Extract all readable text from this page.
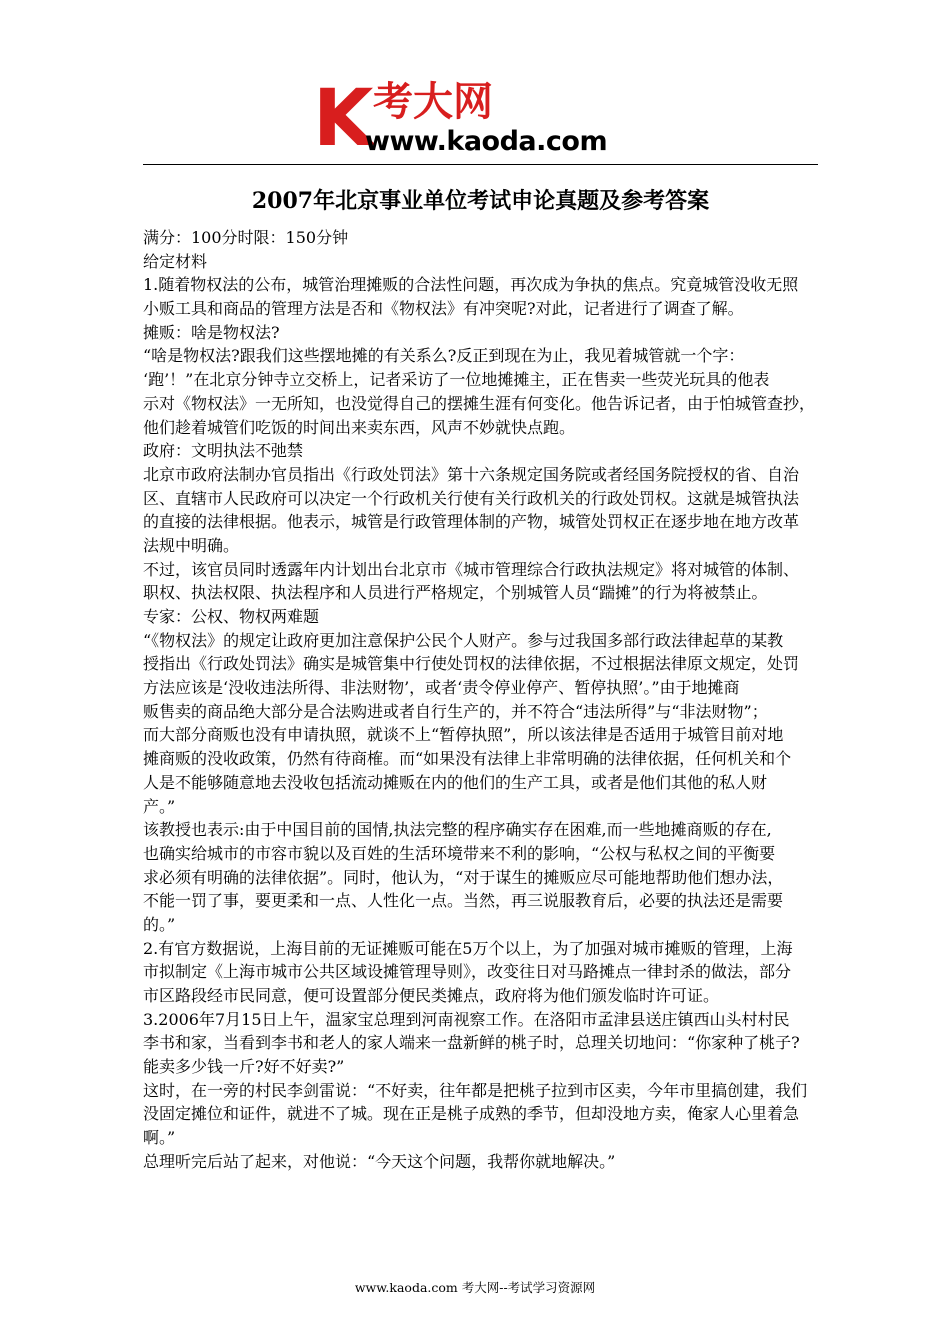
K 考大网
www.kaoda.com
2007年北京事业单位考试申论真题及参考答案
满分：100分时限：150分钟
给定材料
1.随着物权法的公布，城管治理摊贩的合法性问题，再次成为争执的焦点。究竟城管没收无照
小贩工具和商品的管理方法是否和《物权法》有冲突呢?对此，记者进行了调查了解。
摊贩：啥是物权法?
“啥是物权法?跟我们这些摆地摊的有关系么?反正到现在为止，我见着城管就一个字：
‘跑’！”在北京分钟寺立交桥上，记者采访了一位地摊摊主，正在售卖一些荧光玩具的他表
示对《物权法》一无所知，也没觉得自己的摆摊生涯有何变化。他告诉记者，由于怕城管查抄，
他们趁着城管们吃饭的时间出来卖东西，风声不妙就快点跑。
政府：文明执法不弛禁
北京市政府法制办官员指出《行政处罚法》第十六条规定国务院或者经国务院授权的省、自治
区、直辖市人民政府可以决定一个行政机关行使有关行政机关的行政处罚权。这就是城管执法
的直接的法律根据。他表示，城管是行政管理体制的产物，城管处罚权正在逐步地在地方改革
法规中明确。
不过，该官员同时透露年内计划出台北京市《城市管理综合行政执法规定》将对城管的体制、
职权、执法权限、执法程序和人员进行严格规定，个别城管人员“踹摊”的行为将被禁止。
专家：公权、物权两难题
“《物权法》的规定让政府更加注意保护公民个人财产。参与过我国多部行政法律起草的某教
授指出《行政处罚法》确实是城管集中行使处罚权的法律依据，不过根据法律原文规定，处罚
方法应该是‘没收违法所得、非法财物’，或者‘责令停业停产、暂停执照’。”由于地摊商
贩售卖的商品绝大部分是合法购进或者自行生产的，并不符合“违法所得”与“非法财物”；
而大部分商贩也没有申请执照，就谈不上“暂停执照”，所以该法律是否适用于城管目前对地
摊商贩的没收政策，仍然有待商榷。而“如果没有法律上非常明确的法律依据，任何机关和个
人是不能够随意地去没收包括流动摊贩在内的他们的生产工具，或者是他们其他的私人财
产。”
该教授也表示:由于中国目前的国情,执法完整的程序确实存在困难,而一些地摊商贩的存在,
也确实给城市的市容市貌以及百姓的生活环境带来不利的影响，“公权与私权之间的平衡要
求必须有明确的法律依据”。同时，他认为，“对于谋生的摊贩应尽可能地帮助他们想办法，
不能一罚了事，要更柔和一点、人性化一点。当然，再三说服教育后，必要的执法还是需要
的。”
2.有官方数据说，上海目前的无证摊贩可能在5万个以上，为了加强对城市摊贩的管理，上海
市拟制定《上海市城市公共区域设摊管理导则》，改变往日对马路摊点一律封杀的做法，部分
市区路段经市民同意，便可设置部分便民类摊点，政府将为他们颁发临时许可证。
3.2006年7月15日上午，温家宝总理到河南视察工作。在洛阳市孟津县送庄镇西山头村村民
李书和家，当看到李书和老人的家人端来一盘新鲜的桃子时，总理关切地问：“你家种了桃子?
能卖多少钱一斤?好不好卖?”
这时，在一旁的村民李剑雷说：“不好卖，往年都是把桃子拉到市区卖，今年市里搞创建，我们
没固定摊位和证件，就进不了城。现在正是桃子成熟的季节，但却没地方卖，俺家人心里着急
啊。”
总理听完后站了起来，对他说：“今天这个问题，我帮你就地解决。”
www.kaoda.com 考大网--考试学习资源网
